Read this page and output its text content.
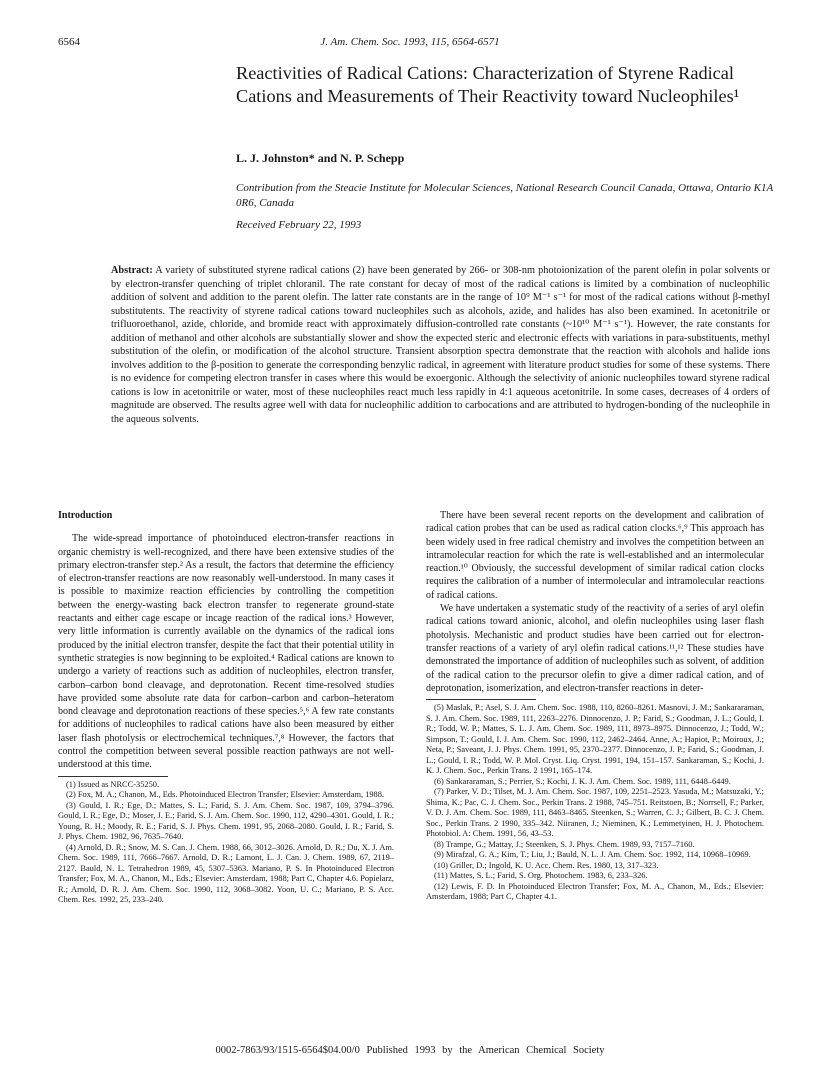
6564	J. Am. Chem. Soc. 1993, 115, 6564-6571
Reactivities of Radical Cations: Characterization of Styrene Radical Cations and Measurements of Their Reactivity toward Nucleophiles¹
L. J. Johnston* and N. P. Schepp
Contribution from the Steacie Institute for Molecular Sciences, National Research Council Canada, Ottawa, Ontario K1A 0R6, Canada
Received February 22, 1993
Abstract: A variety of substituted styrene radical cations (2) have been generated by 266- or 308-nm photoionization of the parent olefin in polar solvents or by electron-transfer quenching of triplet chloranil. The rate constant for decay of most of the radical cations is limited by a combination of nucleophilic addition of solvent and addition to the parent olefin. The latter rate constants are in the range of 10⁹ M⁻¹ s⁻¹ for most of the radical cations without β-methyl substitutents. The reactivity of styrene radical cations toward nucleophiles such as alcohols, azide, and halides has also been examined. In acetonitrile or trifluoroethanol, azide, chloride, and bromide react with approximately diffusion-controlled rate constants (~10¹⁰ M⁻¹ s⁻¹). However, the rate constants for addition of methanol and other alcohols are substantially slower and show the expected steric and electronic effects with variations in para-substituents, methyl substitution of the olefin, or modification of the alcohol structure. Transient absorption spectra demonstrate that the reaction with alcohols and halide ions involves addition to the β-position to generate the corresponding benzylic radical, in agreement with literature product studies for some of these systems. There is no evidence for competing electron transfer in cases where this would be exoergonic. Although the selectivity of anionic nucleophiles toward styrene radical cations is low in acetonitrile or water, most of these nucleophiles react much less rapidly in 4:1 aqueous acetonitrile. In some cases, decreases of 4 orders of magnitude are observed. The results agree well with data for nucleophilic addition to carbocations and are attributed to hydrogen-bonding of the nucleophile in the aqueous solvents.
Introduction

The wide-spread importance of photoinduced electron-transfer reactions in organic chemistry is well-recognized, and there have been extensive studies of the primary electron-transfer step.² As a result, the factors that determine the efficiency of electron-transfer reactions are now reasonably well-understood. In many cases it is possible to maximize reaction efficiencies by controlling the competition between the energy-wasting back electron transfer to regenerate ground-state reactants and either cage escape or incage reaction of the radical ions.³ However, very little information is currently available on the dynamics of the radical ions produced by the initial electron transfer, despite the fact that their potential utility in synthetic strategies is now beginning to be exploited.⁴ Radical cations are known to undergo a variety of reactions such as addition of nucleophiles, electron transfer, carbon–carbon bond cleavage, and deprotonation. Recent time-resolved studies have provided some absolute rate data for carbon–carbon and carbon–heteratom bond cleavage and deprotonation reactions of these species.⁵,⁶ A few rate constants for additions of nucleophiles to radical cations have also been measured by either laser flash photolysis or electrochemical techniques.⁷,⁸ However, the factors that control the competition between several possible reaction pathways are not well-understood at this time.

(1) Issued as NRCC-35250.

(2) Fox, M. A.; Chanon, M., Eds. Photoinduced Electron Transfer; Elsevier: Amsterdam, 1988.

(3) Gould, I. R.; Ege, D.; Mattes, S. L.; Farid, S. J. Am. Chem. Soc. 1987, 109, 3794–3796. Gould, I. R.; Ege, D.; Moser, J. E.; Farid, S. J. Am. Chem. Soc. 1990, 112, 4290–4301. Gould, I. R.; Young, R. H.; Moody, R. E.; Farid, S. J. Phys. Chem. 1991, 95, 2068–2080. Gould, I. R.; Farid, S. J. Phys. Chem. 1982, 96, 7635–7640.

(4) Arnold, D. R.; Snow, M. S. Can. J. Chem. 1988, 66, 3012–3026. Arnold, D. R.; Du, X. J. Am. Chem. Soc. 1989, 111, 7666–7667. Arnold, D. R.; Lamont, L. J. Can. J. Chem. 1989, 67, 2119–2127. Bauld, N. L. Tetrahedron 1989, 45, 5307–5363. Mariano, P. S. In Photoinduced Electron Transfer; Fox, M. A., Chanon, M., Eds.; Elsevier: Amsterdam, 1988; Part C, Chapter 4.6. Popielarz, R.; Arnold, D. R. J. Am. Chem. Soc. 1990, 112, 3068–3082. Yoon, U. C.; Mariano, P. S. Acc. Chem. Res. 1992, 25, 233–240.

There have been several recent reports on the development and calibration of radical cation probes that can be used as radical cation clocks.⁶,⁹ This approach has been widely used in free radical chemistry and involves the competition between an intramolecular reaction for which the rate is well-established and an intermolecular reaction.¹⁰ Obviously, the successful development of similar radical cation clocks requires the calibration of a number of intermolecular and intramolecular reactions of radical cations.

We have undertaken a systematic study of the reactivity of a series of aryl olefin radical cations toward anionic, alcohol, and olefin nucleophiles using laser flash photolysis. Mechanistic and product studies have been carried out for electron-transfer reactions of a variety of aryl olefin radical cations.¹¹,¹² These studies have demonstrated the importance of addition of nucleophiles such as solvent, of addition of the radical cation to the precursor olefin to give a dimer radical cation, and of deprotonation, isomerization, and electron-transfer reactions in deter-

(5) Maslak, P.; Asel, S. J. Am. Chem. Soc. 1988, 110, 8260–8261. Masnovi, J. M.; Sankararaman, S. J. Am. Chem. Soc. 1989, 111, 2263–2276. Dinnocenzo, J. P.; Farid, S.; Goodman, J. L.; Gould, I. R.; Todd, W. P.; Mattes, S. L. J. Am. Chem. Soc. 1989, 111, 8973–8975. Dinnocenzo, J.; Todd, W.; Simpson, T.; Gould, I. J. Am. Chem. Soc. 1990, 112, 2462–2464. Anne, A.; Hapiot, P.; Moiroux, J.; Neta, P.; Saveant, J. J. Phys. Chem. 1991, 95, 2370–2377. Dinnocenzo, J. P.; Farid, S.; Goodman, J. L.; Gould, I. R.; Todd, W. P. Mol. Cryst. Liq. Cryst. 1991, 194, 151–157. Sankaraman, S.; Kochi, J. K. J. Chem. Soc., Perkin Trans. 2 1991, 165–174.

(6) Sankararaman, S.; Perrier, S.; Kochi, J. K. J. Am. Chem. Soc. 1989, 111, 6448–6449.

(7) Parker, V. D.; Tilset, M. J. Am. Chem. Soc. 1987, 109, 2251–2523. Yasuda, M.; Matsuzaki, Y.; Shima, K.; Pac, C. J. Chem. Soc., Perkin Trans. 2 1988, 745–751. Reitstoen, B.; Norrsell, F.; Parker, V. D. J. Am. Chem. Soc. 1989, 111, 8463–8465. Steenken, S.; Warren, C. J.; Gilbert, B. C. J. Chem. Soc., Perkin Trans. 2 1990, 335–342. Niiranen, J.; Nieminen, K.; Lemmetyinen, H. J. Photochem. Photobiol. A: Chem. 1991, 56, 43–53.

(8) Trampe, G.; Mattay, J.; Steenken, S. J. Phys. Chem. 1989, 93, 7157–7160.

(9) Mirafzal, G. A.; Kim, T.; Liu, J.; Bauld, N. L. J. Am. Chem. Soc. 1992, 114, 10968–10969.

(10) Griller, D.; Ingold, K. U. Acc. Chem. Res. 1980, 13, 317–323.

(11) Mattes, S. L.; Farid, S. Org. Photochem. 1983, 6, 233–326.

(12) Lewis, F. D. In Photoinduced Electron Transfer; Fox, M. A., Chanon, M., Eds.; Elsevier: Amsterdam, 1988; Part C, Chapter 4.1.

0002-7863/93/1515-6564$04.00/0 Published 1993 by the American Chemical Society
